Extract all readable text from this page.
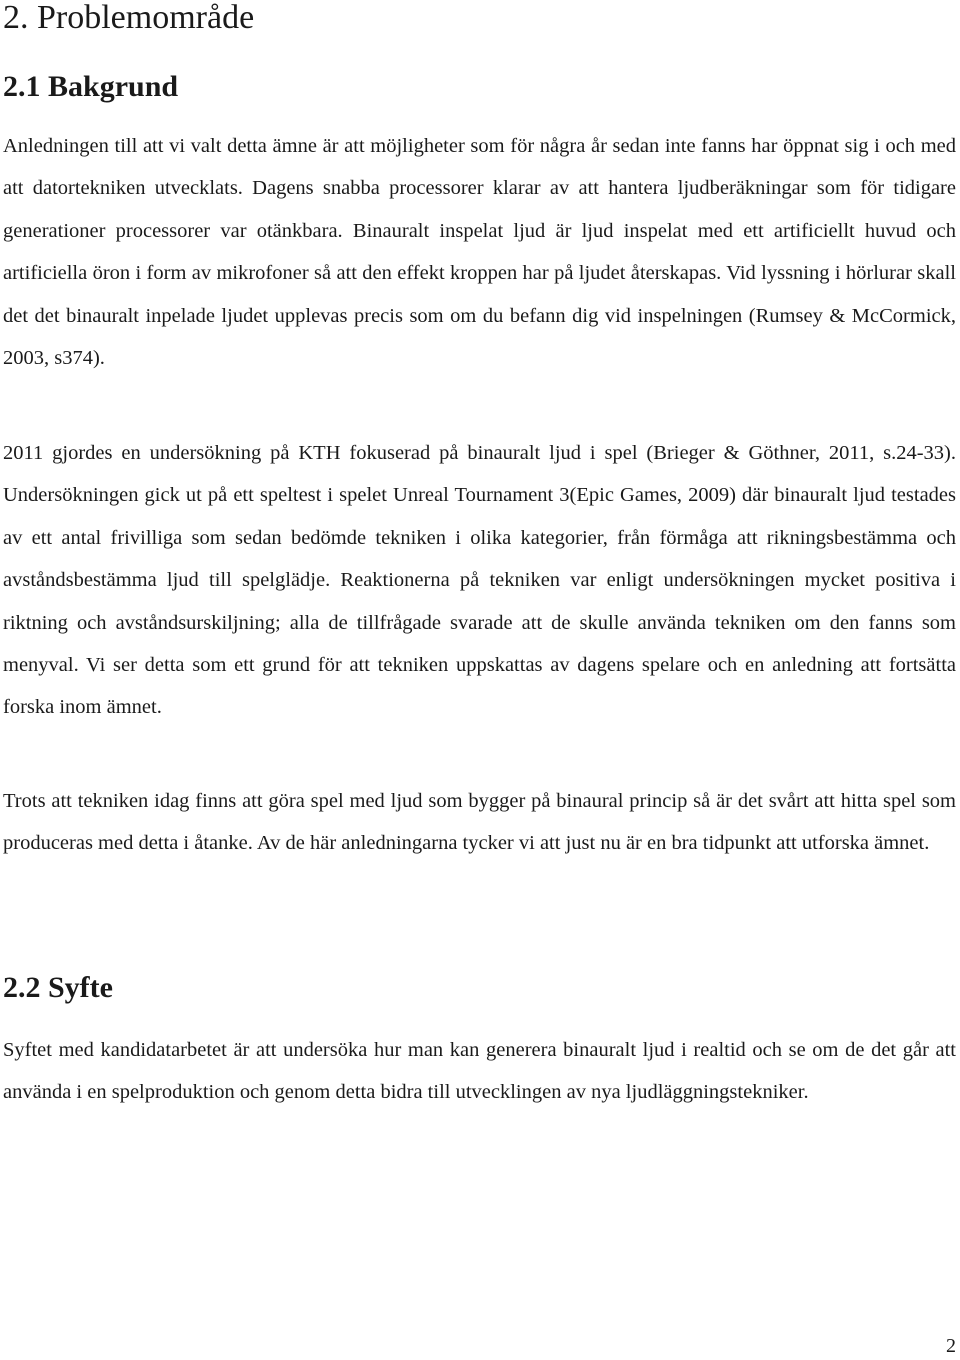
2. Problemområde
2.1 Bakgrund

Anledningen till att vi valt detta ämne är att möjligheter som för några år sedan inte fanns har öppnat sig i och med att datortekniken utvecklats. Dagens snabba processorer klarar av att hantera ljudberäkningar som för tidigare generationer processorer var otänkbara. Binauralt inspelat ljud är ljud inspelat med ett artificiellt huvud och artificiella öron i form av mikrofoner så att den effekt kroppen har på ljudet återskapas. Vid lyssning i hörlurar skall det det binauralt inpelade ljudet upplevas precis som om du befann dig vid inspelningen (Rumsey & McCormick, 2003, s374).

2011 gjordes en undersökning på KTH fokuserad på binauralt ljud i spel (Brieger & Göthner, 2011, s.24-33). Undersökningen gick ut på ett speltest i spelet Unreal Tournament 3(Epic Games, 2009) där binauralt ljud testades av ett antal frivilliga som sedan bedömde tekniken i olika kategorier, från förmåga att rikningsbestämma och avståndsbestämma ljud till spelglädje. Reaktionerna på tekniken var enligt undersökningen mycket positiva i riktning och avståndsurskiljning; alla de tillfrågade svarade att de skulle använda tekniken om den fanns som menyval. Vi ser detta som ett grund för att tekniken uppskattas av dagens spelare och en anledning att fortsätta forska inom ämnet.

Trots att tekniken idag finns att göra spel med ljud som bygger på binaural princip så är det svårt att hitta spel som produceras med detta i åtanke. Av de här anledningarna tycker vi att just nu är en bra tidpunkt att utforska ämnet.

2.2 Syfte

Syftet med kandidatarbetet är att undersöka hur man kan generera binauralt ljud i realtid och se om de det går att använda i en spelproduktion och genom detta bidra till utvecklingen av nya ljudläggningstekniker.

2
